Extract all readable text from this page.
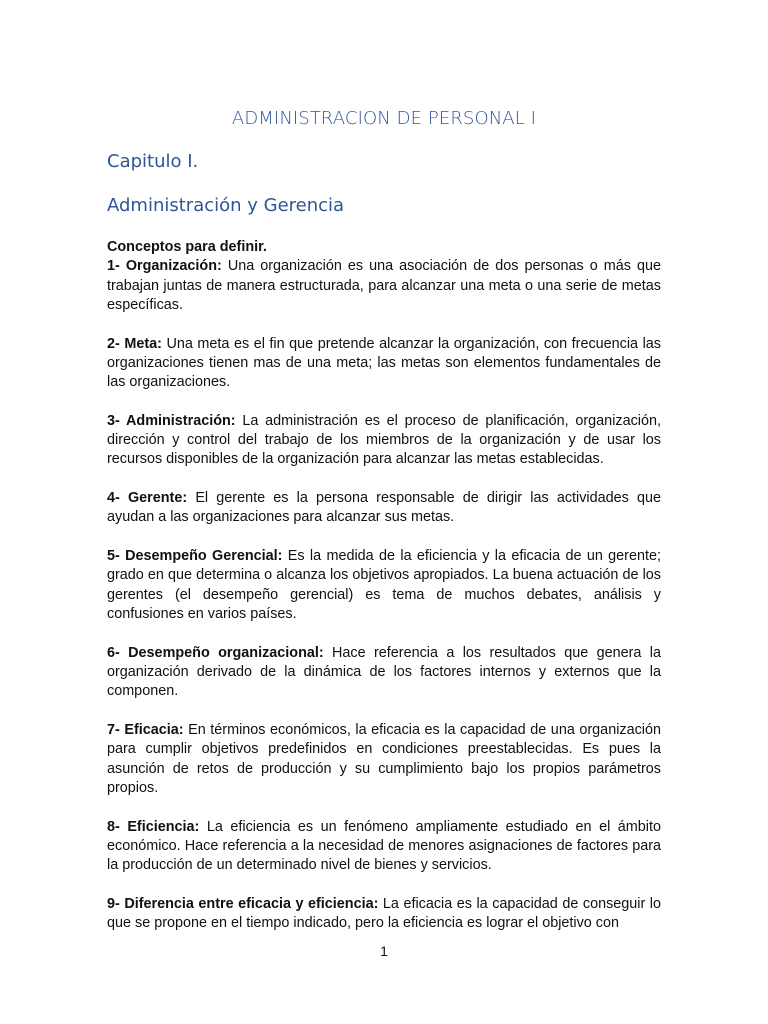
ADMINISTRACION DE PERSONAL I
Capitulo I.
Administración y Gerencia

Conceptos para definir.

1- Organización: Una organización es una asociación de dos personas o más que trabajan juntas de manera estructurada, para alcanzar una meta o una serie de metas específicas.

2- Meta: Una meta es el fin que pretende alcanzar la organización, con frecuencia las organizaciones tienen mas de una meta; las metas son elementos fundamentales de las organizaciones.

3- Administración: La administración es el proceso de planificación, organización, dirección y control del trabajo de los miembros de la organización y de usar los recursos disponibles de la organización para alcanzar las metas establecidas.

4- Gerente: El gerente es la persona responsable de dirigir las actividades que ayudan a las organizaciones para alcanzar sus metas.

5- Desempeño Gerencial: Es la medida de la eficiencia y la eficacia de un gerente; grado en que determina o alcanza los objetivos apropiados. La buena actuación de los gerentes (el desempeño gerencial) es tema de muchos debates, análisis y confusiones en varios países.

6- Desempeño organizacional: Hace referencia a los resultados que genera la organización derivado de la dinámica de los factores internos y externos que la componen.

7- Eficacia: En términos económicos, la eficacia es la capacidad de una organización para cumplir objetivos predefinidos en condiciones preestablecidas. Es pues la asunción de retos de producción y su cumplimiento bajo los propios parámetros propios.

8- Eficiencia: La eficiencia es un fenómeno ampliamente estudiado en el ámbito económico. Hace referencia a la necesidad de menores asignaciones de factores para la producción de un determinado nivel de bienes y servicios.

9- Diferencia entre eficacia y eficiencia: La eficacia es la capacidad de conseguir lo que se propone en el tiempo indicado, pero la eficiencia es lograr el objetivo con

1
